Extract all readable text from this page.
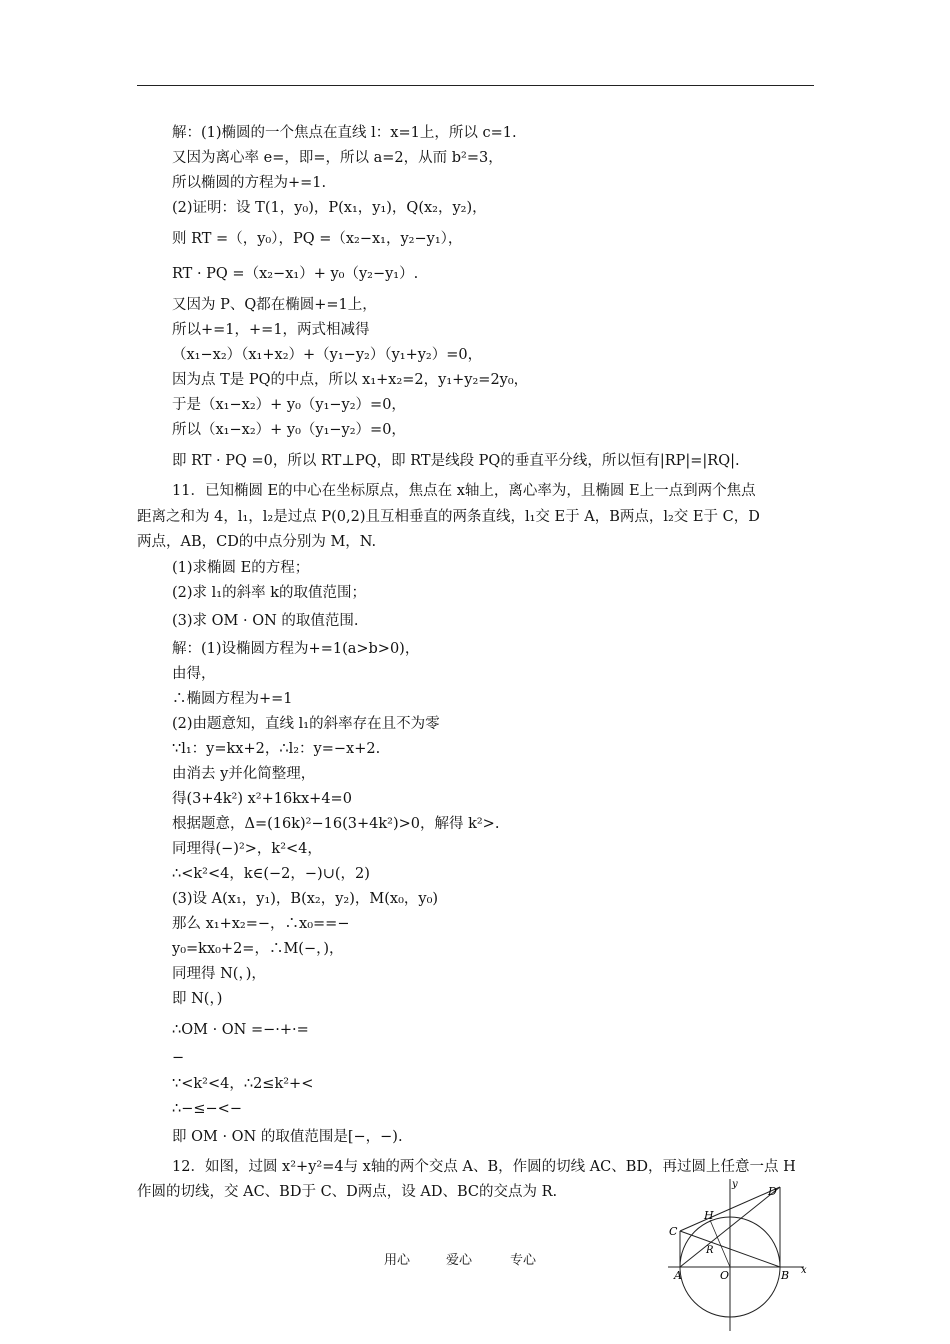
解：(1)椭圆的一个焦点在直线 l：x=1上，所以 c=1.
又因为离心率 e=，即=，所以 a=2，从而 b²=3，
所以椭圆的方程为+=1.
(2)证明：设 T(1，y₀)，P(x₁，y₁)，Q(x₂，y₂)，
则 RT =（，y₀），PQ =（x₂−x₁，y₂−y₁），
RT · PQ =（x₂−x₁）+ y₀（y₂−y₁）.
又因为 P、Q都在椭圆+=1上，
所以+=1，+=1，两式相减得
（x₁−x₂）（x₁+x₂）+（y₁−y₂）（y₁+y₂）=0，
因为点 T是 PQ的中点，所以 x₁+x₂=2，y₁+y₂=2y₀，
于是（x₁−x₂）+ y₀（y₁−y₂）=0，
所以（x₁−x₂）+ y₀（y₁−y₂）=0，
即 RT · PQ =0，所以 RT⊥PQ，即 RT是线段 PQ的垂直平分线，所以恒有|RP|=|RQ|.
11．已知椭圆 E的中心在坐标原点，焦点在 x轴上，离心率为，且椭圆 E上一点到两个焦点
距离之和为 4，l₁，l₂是过点 P(0,2)且互相垂直的两条直线，l₁交 E于 A，B两点，l₂交 E于 C，D
两点，AB，CD的中点分别为 M，N.
(1)求椭圆 E的方程；
(2)求 l₁的斜率 k的取值范围；
(3)求 OM · ON 的取值范围.
解：(1)设椭圆方程为+=1(a>b>0)，
由得，
∴椭圆方程为+=1
(2)由题意知，直线 l₁的斜率存在且不为零
∵l₁：y=kx+2，∴l₂：y=−x+2.
由消去 y并化简整理，
得(3+4k²) x²+16kx+4=0
根据题意，Δ=(16k)²−16(3+4k²)>0，解得 k²>.
同理得(−)²>，k²<4，
∴<k²<4，k∈(−2，−)∪(，2)
(3)设 A(x₁，y₁)，B(x₂，y₂)，M(x₀，y₀)
那么 x₁+x₂=−，∴x₀==−
y₀=kx₀+2=，∴M(−，)，
同理得 N(，)，
即 N(，)
∴OM · ON =−·+·=
−
∵<k²<4，∴2≤k²+<
∴−≤−<−
即 OM · ON 的取值范围是[−，−).
12．如图，过圆 x²+y²=4与 x轴的两个交点 A、B，作圆的切线 AC、BD，再过圆上任意一点 H
作圆的切线，交 AC、BD于 C、D两点，设 AD、BC的交点为 R.
用心	爱心	专心
D
C
H
R
A	O	B x
y
